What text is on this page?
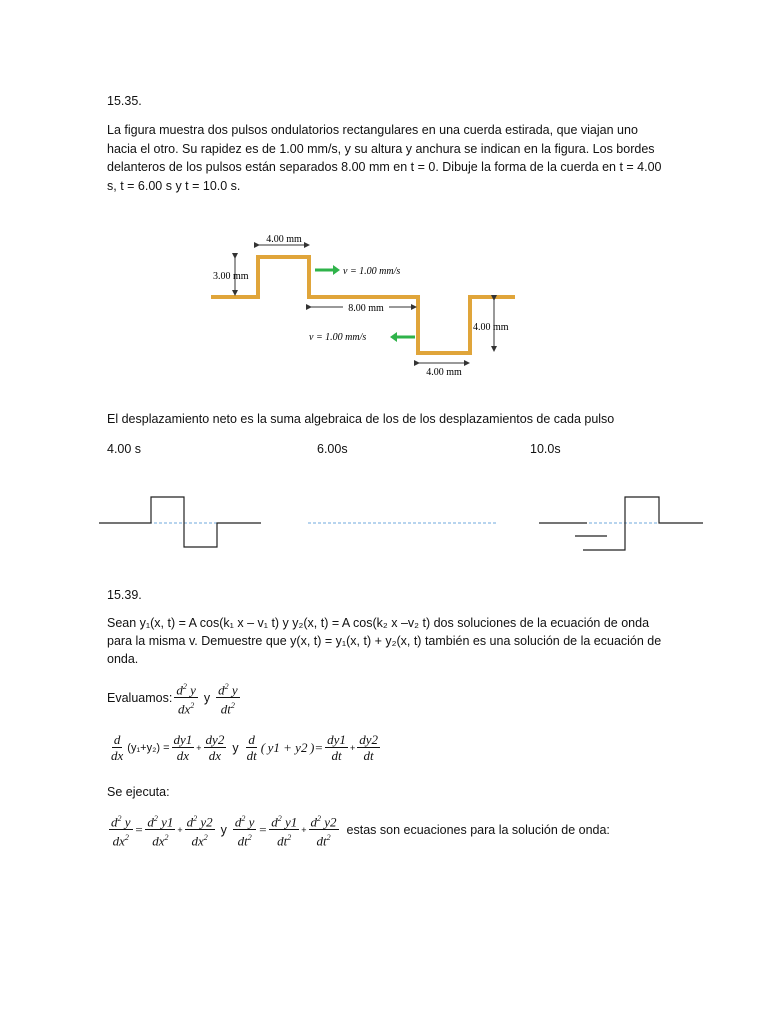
15.35.
La figura muestra dos pulsos ondulatorios rectangulares en una cuerda estirada, que viajan uno hacia el otro. Su rapidez es de 1.00 mm/s, y su altura y anchura se indican en la figura. Los bordes delanteros de los pulsos están separados 8.00 mm en t = 0. Dibuje la forma de la cuerda en t = 4.00 s, t = 6.00 s y t = 10.0 s.
4.00 mm
3.00 mm	v = 1.00 mm/s
8.00 mm
v = 1.00 mm/s
4.00 mm
4.00 mm
El desplazamiento neto es la suma algebraica de los de los desplazamientos de cada pulso
4.00 s	6.00s	10.0s
15.39.
Sean y₁(x, t) = A cos(k₁ x – v₁ t) y y₂(x, t) = A cos(k₂ x –v₂ t) dos soluciones de la ecuación de onda
para la misma v. Demuestre que y(x, t) = y₁(x, t) + y₂(x, t) también es una solución de la ecuación de
onda.
Evaluamos: $\frac{d^2 y}{dx^2}$ y $\frac{d^2 y}{dt^2}$
$\frac{d}{dx} (y_1+y_2) = \frac{dy1}{dx} + \frac{dy2}{dx}$ y $\frac{d}{dt}$ ( y1 + y2 )= $\frac{dy1}{dt} + \frac{dy2}{dt}$
Se ejecuta:
$\frac{d^2 y}{dx^2} = \frac{d^2 y1}{dx^2} + \frac{d^2 y2}{dx^2}$ y $\frac{d^2 y}{dt^2} = \frac{d^2 y1}{dt^2} + \frac{d^2 y2}{dt^2}$ estas son ecuaciones para la solución de onda:
